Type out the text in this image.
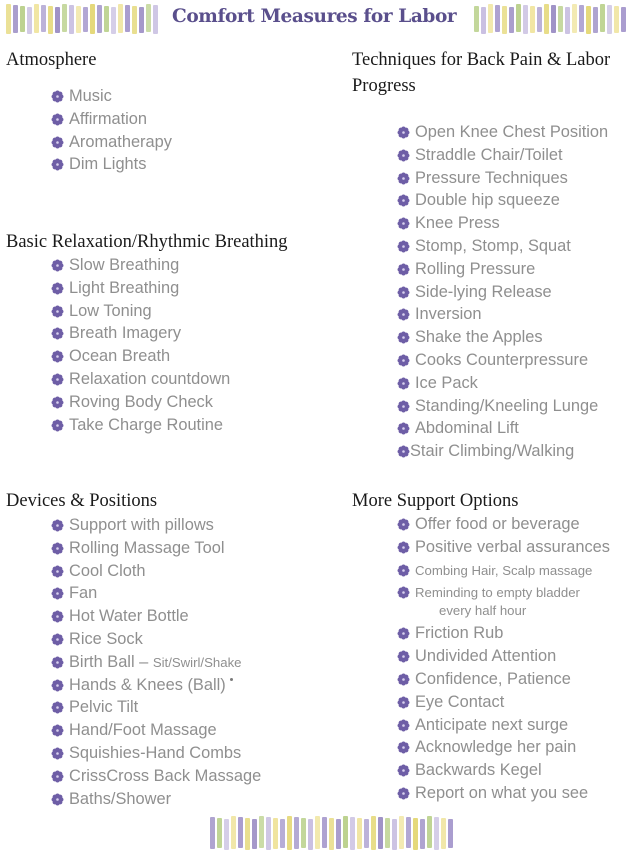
Comfort Measures for Labor
Atmosphere
Music
Affirmation
Aromatherapy
Dim Lights
Basic Relaxation/Rhythmic Breathing
Slow Breathing
Light Breathing
Low Toning
Breath Imagery
Ocean Breath
Relaxation countdown
Roving Body Check
Take Charge Routine
Devices & Positions
Support with pillows
Rolling Massage Tool
Cool Cloth
Fan
Hot Water Bottle
Rice Sock
Birth Ball – Sit/Swirl/Shake
Hands & Knees (Ball)
Pelvic Tilt
Hand/Foot Massage
Squishies-Hand Combs
CrissCross Back Massage
Baths/Shower
Techniques for Back Pain & Labor
Progress
Open Knee Chest Position
Straddle Chair/Toilet
Pressure Techniques
Double hip squeeze
Knee Press
Stomp, Stomp, Squat
Rolling Pressure
Side-lying Release
Inversion
Shake the Apples
Cooks Counterpressure
Ice Pack
Standing/Kneeling Lunge
Abdominal Lift
Stair Climbing/Walking
More Support Options
Offer food or beverage
Positive verbal assurances
Combing Hair, Scalp massage
Reminding to empty bladder
every half hour
Friction Rub
Undivided Attention
Confidence, Patience
Eye Contact
Anticipate next surge
Acknowledge her pain
Backwards Kegel
Report on what you see
